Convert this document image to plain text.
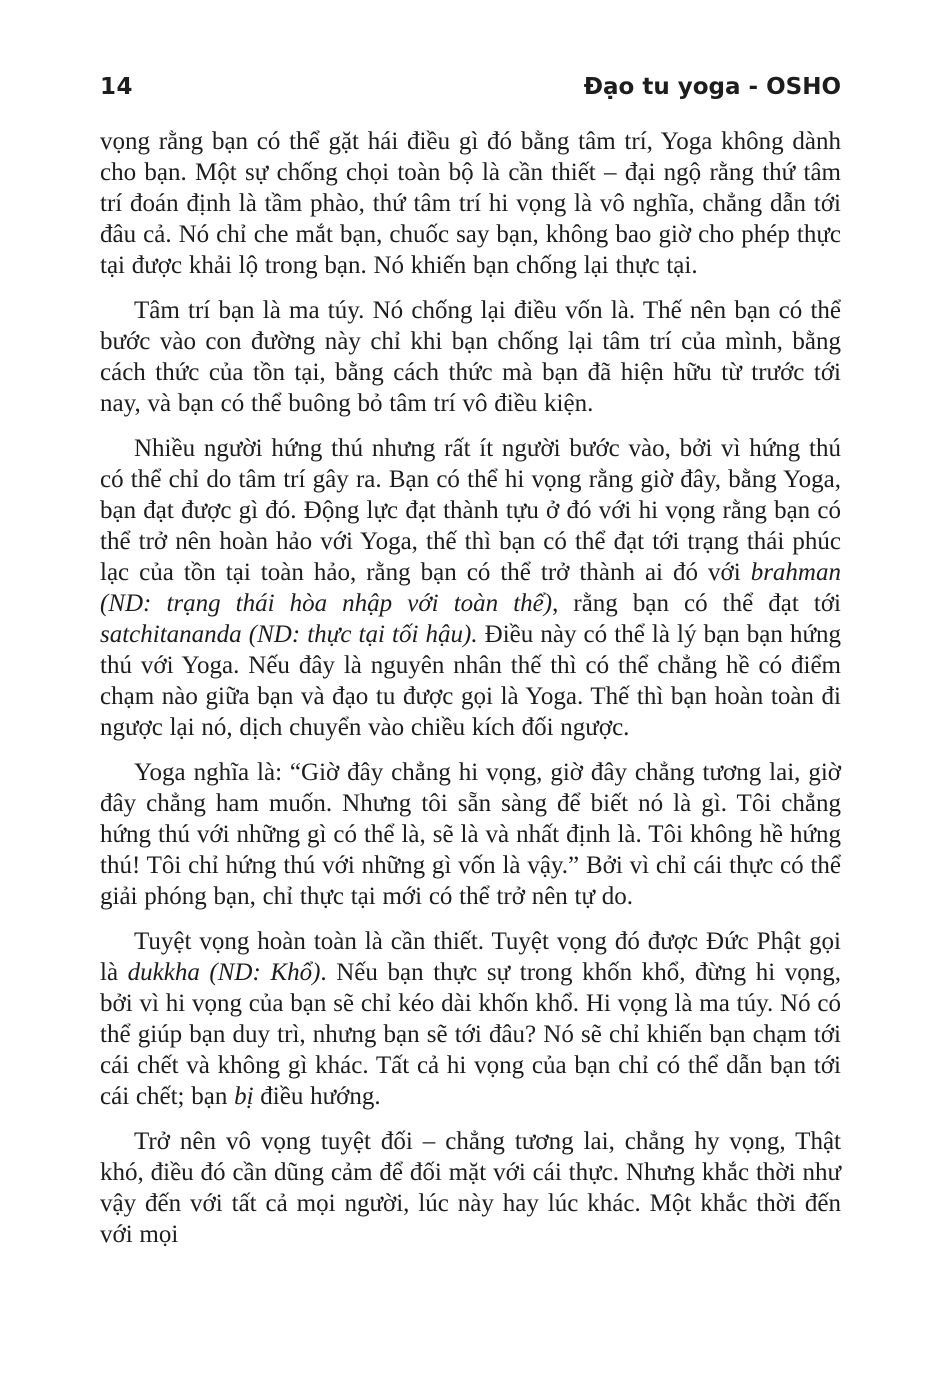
14	Đạo tu yoga - OSHO

vọng rằng bạn có thể gặt hái điều gì đó bằng tâm trí, Yoga không dành cho bạn. Một sự chống chọi toàn bộ là cần thiết – đại ngộ rằng thứ tâm trí đoán định là tầm phào, thứ tâm trí hi vọng là vô nghĩa, chẳng dẫn tới đâu cả. Nó chỉ che mắt bạn, chuốc say bạn, không bao giờ cho phép thực tại được khải lộ trong bạn. Nó khiến bạn chống lại thực tại.

Tâm trí bạn là ma túy. Nó chống lại điều vốn là. Thế nên bạn có thể bước vào con đường này chỉ khi bạn chống lại tâm trí của mình, bằng cách thức của tồn tại, bằng cách thức mà bạn đã hiện hữu từ trước tới nay, và bạn có thể buông bỏ tâm trí vô điều kiện.

Nhiều người hứng thú nhưng rất ít người bước vào, bởi vì hứng thú có thể chỉ do tâm trí gây ra. Bạn có thể hi vọng rằng giờ đây, bằng Yoga, bạn đạt được gì đó. Động lực đạt thành tựu ở đó với hi vọng rằng bạn có thể trở nên hoàn hảo với Yoga, thế thì bạn có thể đạt tới trạng thái phúc lạc của tồn tại toàn hảo, rằng bạn có thể trở thành ai đó với brahman (ND: trạng thái hòa nhập với toàn thể), rằng bạn có thể đạt tới satchitananda (ND: thực tại tối hậu). Điều này có thể là lý bạn bạn hứng thú với Yoga. Nếu đây là nguyên nhân thế thì có thể chẳng hề có điểm chạm nào giữa bạn và đạo tu được gọi là Yoga. Thế thì bạn hoàn toàn đi ngược lại nó, dịch chuyển vào chiều kích đối ngược.

Yoga nghĩa là: “Giờ đây chẳng hi vọng, giờ đây chẳng tương lai, giờ đây chẳng ham muốn. Nhưng tôi sẵn sàng để biết nó là gì. Tôi chẳng hứng thú với những gì có thể là, sẽ là và nhất định là. Tôi không hề hứng thú! Tôi chỉ hứng thú với những gì vốn là vậy.” Bởi vì chỉ cái thực có thể giải phóng bạn, chỉ thực tại mới có thể trở nên tự do.

Tuyệt vọng hoàn toàn là cần thiết. Tuyệt vọng đó được Đức Phật gọi là dukkha (ND: Khổ). Nếu bạn thực sự trong khốn khổ, đừng hi vọng, bởi vì hi vọng của bạn sẽ chỉ kéo dài khốn khổ. Hi vọng là ma túy. Nó có thể giúp bạn duy trì, nhưng bạn sẽ tới đâu? Nó sẽ chỉ khiến bạn chạm tới cái chết và không gì khác. Tất cả hi vọng của bạn chỉ có thể dẫn bạn tới cái chết; bạn bị điều hướng.

Trở nên vô vọng tuyệt đối – chẳng tương lai, chẳng hy vọng, Thật khó, điều đó cần dũng cảm để đối mặt với cái thực. Nhưng khắc thời như vậy đến với tất cả mọi người, lúc này hay lúc khác. Một khắc thời đến với mọi
